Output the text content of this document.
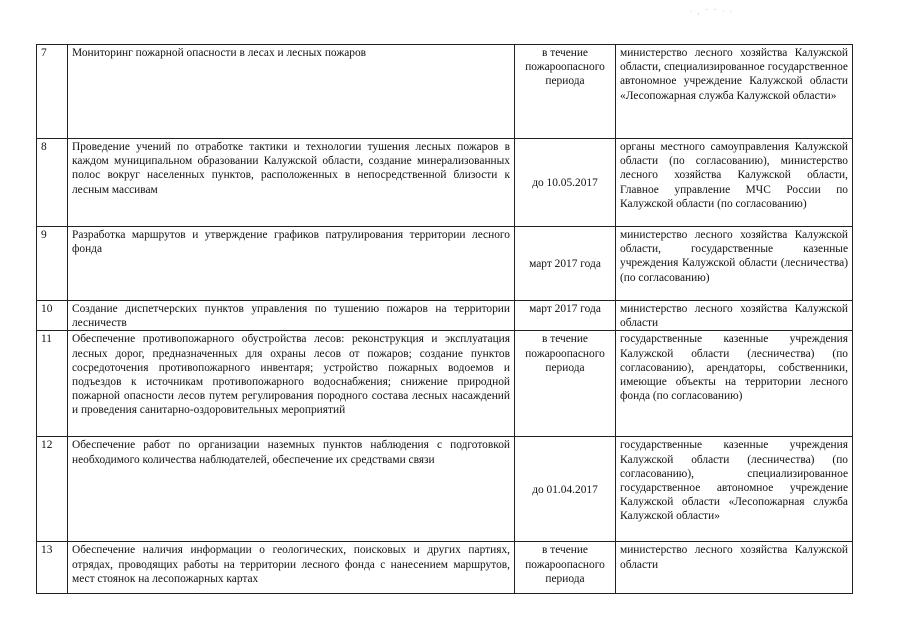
· ¸ ⁻ ⁻ · ·
7	Мониторинг пожарной опасности в лесах и лесных пожаров	в течение пожароопасного периода	министерство лесного хозяйства Калужской области, специализированное государственное автономное учреждение Калужской области «Лесопожарная служба Калужской области»
8	Проведение учений по отработке тактики и технологии тушения лесных пожаров в каждом муниципальном образовании Калужской области, создание минерализованных полос вокруг населенных пунктов, расположенных в непосредственной близости к лесным массивам	до 10.05.2017	органы местного самоуправления Калужской области (по согласованию), министерство лесного хозяйства Калужской области, Главное управление МЧС России по Калужской области (по согласованию)
9	Разработка маршрутов и утверждение графиков патрулирования территории лесного фонда	март 2017 года	министерство лесного хозяйства Калужской области, государственные казенные учреждения Калужской области (лесничества) (по согласованию)
10	Создание диспетчерских пунктов управления по тушению пожаров на территории лесничеств	март 2017 года	министерство лесного хозяйства Калужской области
11	Обеспечение противопожарного обустройства лесов: реконструкция и эксплуатация лесных дорог, предназначенных для охраны лесов от пожаров; создание пунктов сосредоточения противопожарного инвентаря; устройство пожарных водоемов и подъездов к источникам противопожарного водоснабжения; снижение природной пожарной опасности лесов путем регулирования породного состава лесных насаждений и проведения санитарно-оздоровительных мероприятий	в течение пожароопасного периода	государственные казенные учреждения Калужской области (лесничества) (по согласованию), арендаторы, собственники, имеющие объекты на территории лесного фонда (по согласованию)
12	Обеспечение работ по организации наземных пунктов наблюдения с подготовкой необходимого количества наблюдателей, обеспечение их средствами связи	до 01.04.2017	государственные казенные учреждения Калужской области (лесничества) (по согласованию), специализированное государственное автономное учреждение Калужской области «Лесопожарная служба Калужской области»
13	Обеспечение наличия информации о геологических, поисковых и других партиях, отрядах, проводящих работы на территории лесного фонда с нанесением маршрутов, мест стоянок на лесопожарных картах	в течение пожароопасного периода	министерство лесного хозяйства Калужской области
